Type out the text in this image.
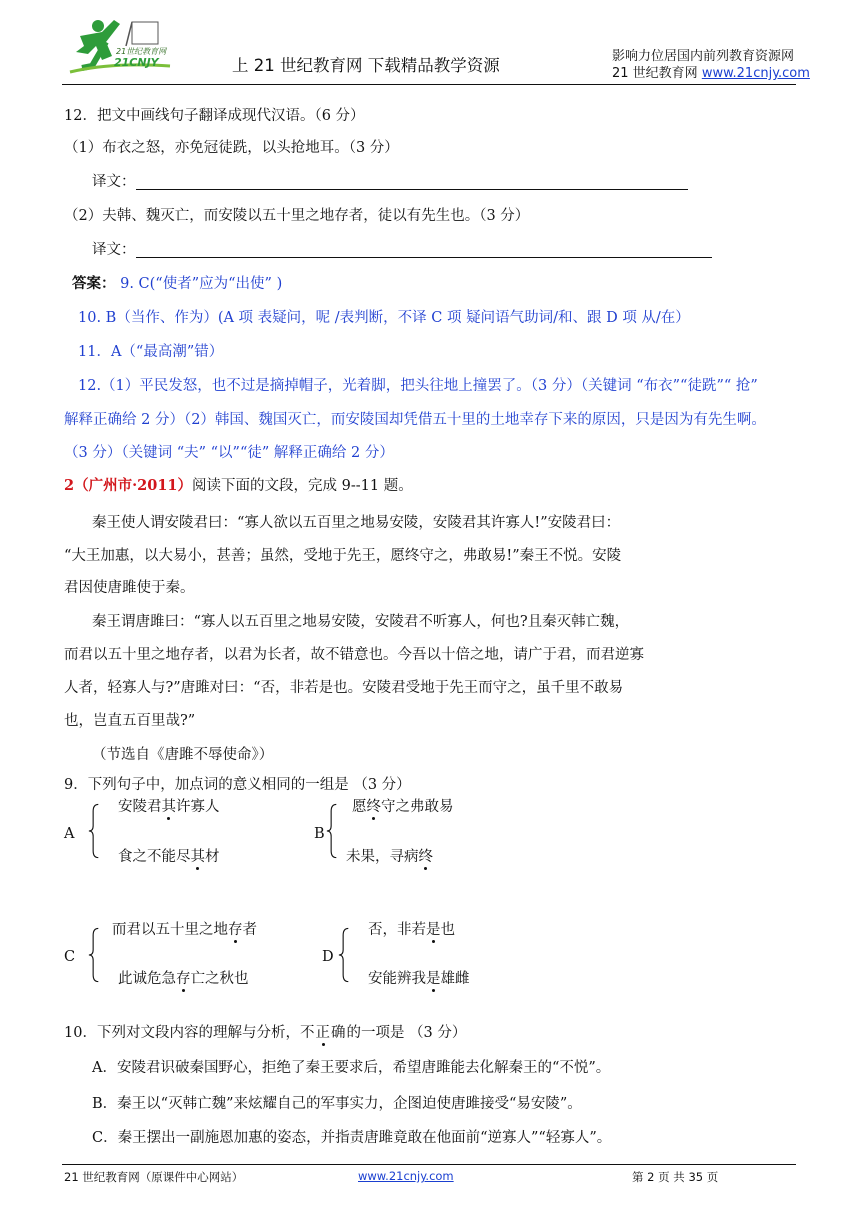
21世纪教育网
21CNJY	上 21 世纪教育网 下载精品教学资源	影响力位居国内前列教育资源网
21 世纪教育网 www.21cnjy.com
12．把文中画线句子翻译成现代汉语。（6 分）
（1）布衣之怒，亦免冠徒跣，以头抢地耳。（3 分）
译文：
（2）夫韩、魏灭亡，而安陵以五十里之地存者，徒以有先生也。（3 分）
译文：
答案： 9. C(“使者”应为“出使” )
10. B（当作、作为）(A 项 表疑问，呢 /表判断，不译 C 项 疑问语气助词/和、跟 D 项 从/在）
11．A（“最高潮”错）
12.（1）平民发怒，也不过是摘掉帽子，光着脚，把头往地上撞罢了。（3 分）（关键词 “布衣”“徒跣”“ 抢”
解释正确给 2 分）（2）韩国、魏国灭亡，而安陵国却凭借五十里的土地幸存下来的原因，只是因为有先生啊。
（3 分）（关键词 “夫” “以”“徒” 解释正确给 2 分）
2（广州市·2011）阅读下面的文段，完成 9--11 题。
秦王使人谓安陵君曰：“寡人欲以五百里之地易安陵，安陵君其许寡人!”安陵君曰：
“大王加惠，以大易小，甚善；虽然，受地于先王，愿终守之，弗敢易!”秦王不悦。安陵
君因使唐雎使于秦。
秦王谓唐雎曰：“寡人以五百里之地易安陵，安陵君不听寡人，何也?且秦灭韩亡魏，
而君以五十里之地存者，以君为长者，故不错意也。今吾以十倍之地，请广于君，而君逆寡
人者，轻寡人与?”唐雎对曰：“否，非若是也。安陵君受地于先王而守之，虽千里不敢易
也，岂直五百里哉?”
（节选自《唐雎不辱使命》）
9．下列句子中，加点词的意义相同的一组是 （3 分）
A
安陵君其许寡人
食之不能尽其材
B
愿终守之弗敢易
未果，寻病终
C
而君以五十里之地存者
此诚危急存亡之秋也
D
否，非若是也
安能辨我是雄雌
10．下列对文段内容的理解与分析，不正确的一项是 （3 分）
A．安陵君识破秦国野心，拒绝了秦王要求后，希望唐雎能去化解秦王的“不悦”。
B．秦王以“灭韩亡魏”来炫耀自己的军事实力，企图迫使唐雎接受“易安陵”。
C．秦王摆出一副施恩加惠的姿态，并指责唐雎竟敢在他面前“逆寡人”“轻寡人”。
21 世纪教育网（原课件中心网站）	www.21cnjy.com	第 2 页 共 35 页
